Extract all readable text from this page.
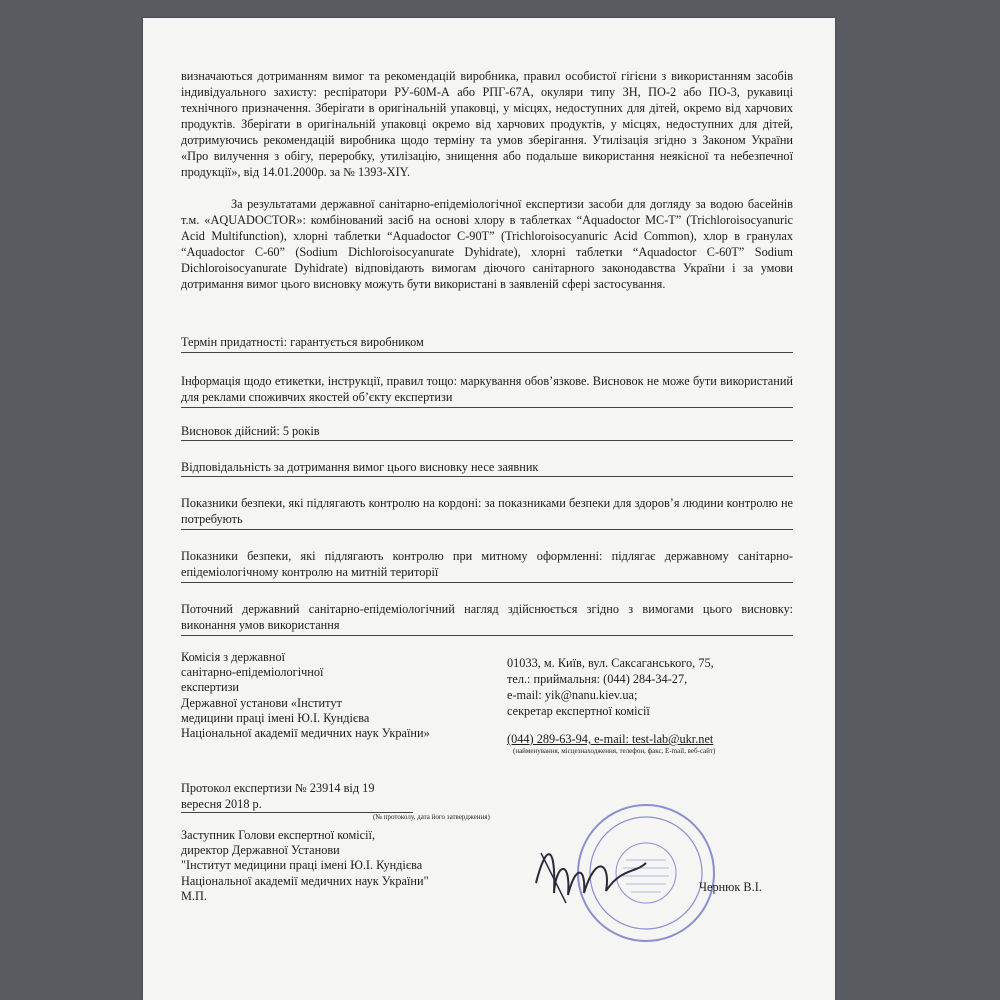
визначаються дотриманням вимог та рекомендацій виробника, правил особистої гігієни з використанням засобів індивідуального захисту: респіратори РУ-60М-А або РПГ-67А, окуляри типу ЗН, ПО-2 або ПО-3, рукавиці технічного призначення. Зберігати в оригінальній упаковці, у місцях, недоступних для дітей, окремо від харчових продуктів. Зберігати в оригінальній упаковці окремо від харчових продуктів, у місцях, недоступних для дітей, дотримуючись рекомендацій виробника щодо терміну та умов зберігання. Утилізація згідно з Законом України «Про вилучення з обігу, переробку, утилізацію, знищення або подальше використання неякісної та небезпечної продукції», від 14.01.2000р. за № 1393-XIY.
За результатами державної санітарно-епідеміологічної експертизи засоби для догляду за водою басейнів т.м. «AQUADOCTOR»: комбінований засіб на основі хлору в таблетках “Aquadoctor MC-T” (Trichloroisocyanuric Acid Multifunction), хлорні таблетки “Aquadoctor C-90T” (Trichloroisocyanuric Acid Common), хлор в гранулах “Aquadoctor C-60” (Sodium Dichloroisocyanurate Dyhidrate), хлорні таблетки “Aquadoctor C-60T” Sodium Dichloroisocyanurate Dyhidrate) відповідають вимогам діючого санітарного законодавства України і за умови дотримання вимог цього висновку можуть бути використані в заявленій сфері застосування.
Термін придатності: гарантується виробником
Інформація щодо етикетки, інструкції, правил тощо: маркування обов’язкове. Висновок не може бути використаний для реклами споживчих якостей об’єкту експертизи
Висновок дійсний: 5 років
Відповідальність за дотримання вимог цього висновку несе заявник
Показники безпеки, які підлягають контролю на кордоні: за показниками безпеки для здоров’я людини контролю не потребують
Показники безпеки, які підлягають контролю при митному оформленні: підлягає державному санітарно-епідеміологічному контролю на митній території
Поточний державний санітарно-епідеміологічний нагляд здійснюється згідно з вимогами цього висновку: виконання умов використання
Комісія з державної
санітарно-епідеміологічної
експертизи
Державної установи «Інститут
медицини праці імені Ю.І. Кундієва
Національної академії медичних наук України»
01033, м. Київ, вул. Саксаганського, 75,
тел.: приймальня: (044) 284-34-27,
e-mail: yik@nanu.kiev.ua;
секретар експертної комісії
(044) 289-63-94, e-mail: test-lab@ukr.net
(найменування, місцезнаходження, телефон, факс, E-mail, веб-сайт)
Протокол експертизи № 23914 від 19 вересня 2018 р.
(№ протоколу, дата його затвердження)
Заступник Голови експертної комісії,
директор Державної Установи
"Інститут медицини праці імені Ю.І. Кундієва
Національної академії медичних наук України"
М.П.
Чернюк В.І.
